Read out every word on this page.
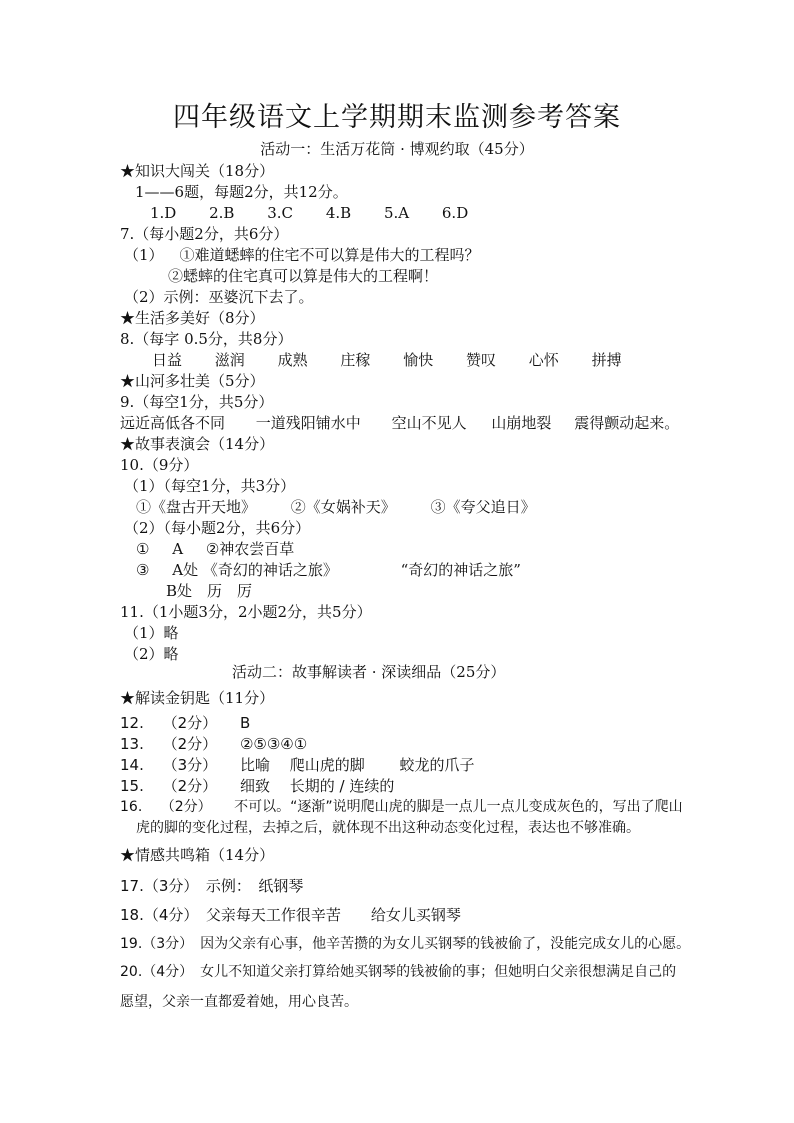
四年级语文上学期期末监测参考答案
活动一：生活万花筒 · 博观约取（45分）
★知识大闯关（18分）
1——6题，每题2分，共12分。
1.D 2.B 3.C 4.B 5.A 6.D
7.（每小题2分，共6分）
（1） ①难道蟋蟀的住宅不可以算是伟大的工程吗？
②蟋蟀的住宅真可以算是伟大的工程啊！
（2）示例：巫婆沉下去了。
★生活多美好（8分）
8.（每字 0.5分，共8分）
日益 滋润 成熟 庄稼 愉快 赞叹 心怀 拼搏
★山河多壮美（5分）
9.（每空1分，共5分）
远近高低各不同 一道残阳铺水中 空山不见人 山崩地裂 震得颤动起来。
★故事表演会（14分）
10.（9分）
（1）（每空1分，共3分）
①《盘古开天地》 ②《女娲补天》 ③《夸父追日》
（2）（每小题2分，共6分）
① A ②神农尝百草
③ A处 《奇幻的神话之旅》	“奇幻的神话之旅”
B处　历　厉
11.（1小题3分，2小题2分，共5分）
（1）略
（2）略
活动二：故事解读者 · 深读细品（25分）
★解读金钥匙（11分）
12. （2分） B
13. （2分） ②⑤③④①
14. （3分） 比喻　 爬山虎的脚　　 蛟龙的爪子
15. （2分） 细致　 长期的 / 连续的
16. （2分） 不可以。“逐渐”说明爬山虎的脚是一点儿一点儿变成灰色的，写出了爬山
虎的脚的变化过程，去掉之后，就体现不出这种动态变化过程，表达也不够准确。
★情感共鸣箱（14分）
17.（3分）　示例：　纸钢琴
18.（4分）　父亲每天工作很辛苦　　给女儿买钢琴
19.（3分）　因为父亲有心事，他辛苦攒的为女儿买钢琴的钱被偷了，没能完成女儿的心愿。
20.（4分）　女儿不知道父亲打算给她买钢琴的钱被偷的事；但她明白父亲很想满足自己的
愿望，父亲一直都爱着她，用心良苦。
